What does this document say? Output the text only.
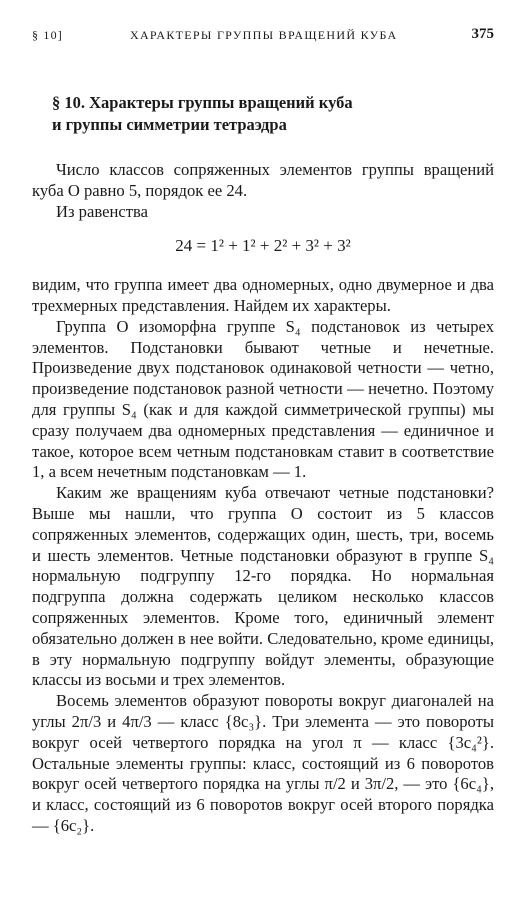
§ 10]	ХАРАКТЕРЫ ГРУППЫ ВРАЩЕНИЙ КУБА	375
§ 10. Характеры группы вращений куба
и группы симметрии тетраэдра

Число классов сопряженных элементов группы вращений куба O равно 5, порядок ее 24.

Из равенства

24 = 1² + 1² + 2² + 3² + 3²

видим, что группа имеет два одномерных, одно двумерное и два трехмерных представления. Найдем их характеры.

Группа O изоморфна группе S₄ подстановок из четырех элементов. Подстановки бывают четные и нечетные. Произведение двух подстановок одинаковой четности — четно, произведение подстановок разной четности — нечетно. Поэтому для группы S₄ (как и для каждой симметрической группы) мы сразу получаем два одномерных представления — единичное и такое, которое всем четным подстановкам ставит в соответствие 1, а всем нечетным подстановкам — 1.

Каким же вращениям куба отвечают четные подстановки? Выше мы нашли, что группа O состоит из 5 классов сопряженных элементов, содержащих один, шесть, три, восемь и шесть элементов. Четные подстановки образуют в группе S₄ нормальную подгруппу 12-го порядка. Но нормальная подгруппа должна содержать целиком несколько классов сопряженных элементов. Кроме того, единичный элемент обязательно должен в нее войти. Следовательно, кроме единицы, в эту нормальную подгруппу войдут элементы, образующие классы из восьми и трех элементов.

Восемь элементов образуют повороты вокруг диагоналей на углы 2π/3 и 4π/3 — класс {8c₃}. Три элемента — это повороты вокруг осей четвертого порядка на угол π — класс {3c₄²}. Остальные элементы группы: класс, состоящий из 6 поворотов вокруг осей четвертого порядка на углы π/2 и 3π/2, — это {6c₄}, и класс, состоящий из 6 поворотов вокруг осей второго порядка — {6c₂}.
